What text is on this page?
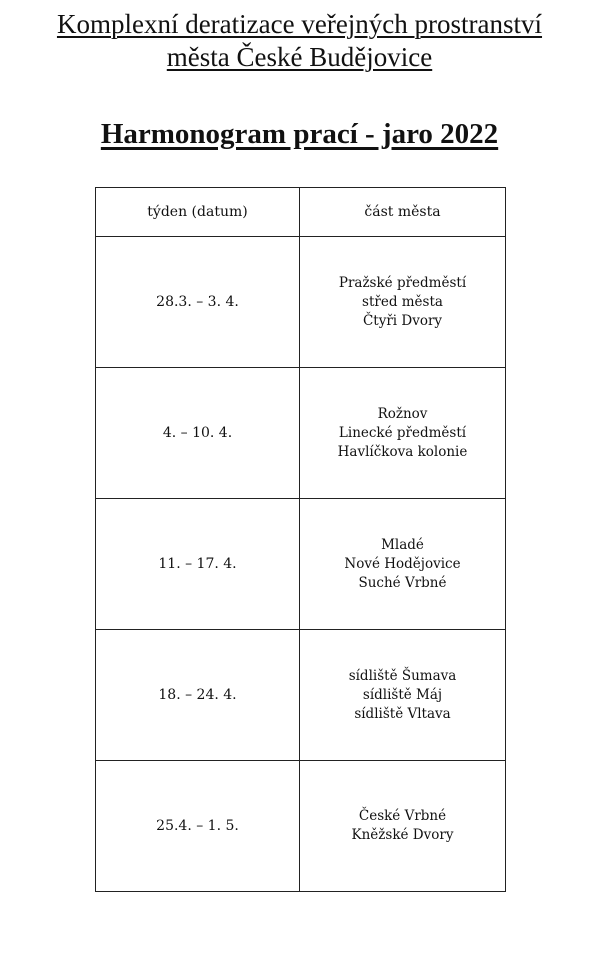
Komplexní deratizace veřejných prostranství
města České Budějovice
Harmonogram prací - jaro 2022
týden (datum)	část města
28.3. – 3. 4.	Pražské předměstí
střed města
Čtyři Dvory

4. – 10. 4.	Rožnov
Linecké předměstí
Havlíčkova kolonie

11. – 17. 4.	Mladé
Nové Hodějovice
Suché Vrbné

18. – 24. 4.	sídliště Šumava
sídliště Máj
sídliště Vltava

25.4. – 1. 5.	České Vrbné
Kněžské Dvory
